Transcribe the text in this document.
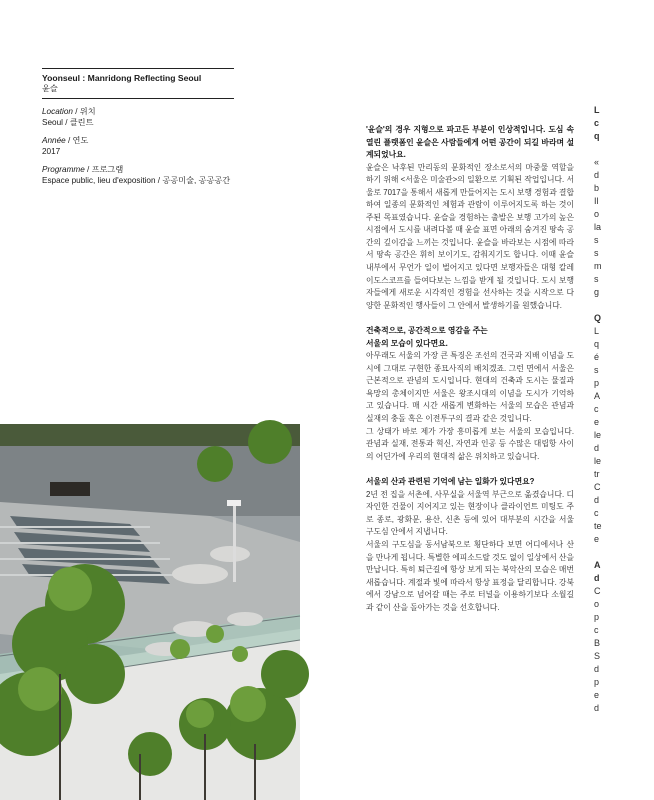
Yoonseul : Manridong Reflecting Seoul
윤슬
Location / 위치
Seoul / 클린트
Année / 연도
2017
Programme / 프로그램
Espace public, lieu d'exposition / 공공미술, 공공공간

'윤슬'의 경우 지형으로 파고든 부분이 인상적입니다. 도심 속 열린 플랫폼인 윤슬은 사람들에게 어떤 공간이 되길 바라며 설계되었나요.

윤슬은 낙후된 만리동의 문화적인 장소로서의 마중물 역할을 하기 위해 <서울은 미술관>의 일환으로 기획된 작업입니다. 서울로 7017을 통해서 새롭게 만들어지는 도시 보행 경험과 결합하여 일종의 문화적인 체험과 관람이 이루어지도록 하는 것이 주된 목표였습니다. 윤슬을 경험하는 출발은 보행 고가의 높은 시점에서 도시를 내려다볼 때 윤슬 표면 아래의 숨겨진 땅속 공간의 깊이감을 느끼는 것입니다. 윤슬을 바라보는 시점에 따라서 땅속 공간은 휘히 보이기도, 감춰지기도 합니다. 이때 윤슬 내부에서 무언가 일이 벌어지고 있다면 보행자들은 대형 칼레이도스코프를 들여다보는 느낌을 받게 될 것입니다. 도시 보행자들에게 새로운 시각적인 경험을 선사하는 것을 시작으로 다양한 문화적인 행사들이 그 안에서 발생하기를 원했습니다.

건축적으로, 공간적으로 영감을 주는

서울의 모습이 있다면요.

아무래도 서울의 가장 큰 특징은 조선의 건국과 지배 이념을 도시에 그대로 구현한 종묘사직의 배치겠죠. 그런 면에서 서울은 근본적으로 관념의 도시입니다. 현대의 건축과 도시는 물질과 욕망의 총체이지만 서울은 왕조시대의 이념을 도시가 기억하고 있습니다. 매 시간 새롭게 변화하는 서울의 모습은 관념과 실재의 충돌 혹은 이전투구의 결과 같은 것입니다.

그 상태가 바로 제가 가장 흥미롭게 보는 서울의 모습입니다. 관념과 실재, 전통과 혁신, 자연과 인공 등 수많은 대립항 사이의 어딘가에 우리의 현대적 삶은 위치하고 있습니다.

서울의 산과 관련된 기억에 남는 일화가 있다면요?

2년 전 집을 서촌에, 사무실을 서울역 부근으로 옮겼습니다. 디자인한 건물이 지어지고 있는 현장이나 클라이언트 미팅도 주로 종로, 광화문, 용산, 신촌 등에 있어 대부분의 시간을 서울 구도심 안에서 지냅니다.

서울의 구도심을 동서남북으로 횡단하다 보면 어디에서나 산을 만나게 됩니다. 특별한 에피소드랄 것도 없이 일상에서 산을 만납니다. 특히 퇴근길에 항상 보게 되는 북악산의 모습은 매번 새롭습니다. 계절과 빛에 따라서 항상 표정을 달리합니다. 강북에서 강남으로 넘어갈 때는 주로 터널을 이용하기보다 소월길과 같이 산을 돌아가는 것을 선호합니다.

L
c
q
«
d
b
Il
o
la
s
s
m
s
g
Q
L
q
é
s
p
A
c
e
le
d
le
tr
C
d
c
te
e
A
d
C
o
p
c
B
S
d
p
e
d
